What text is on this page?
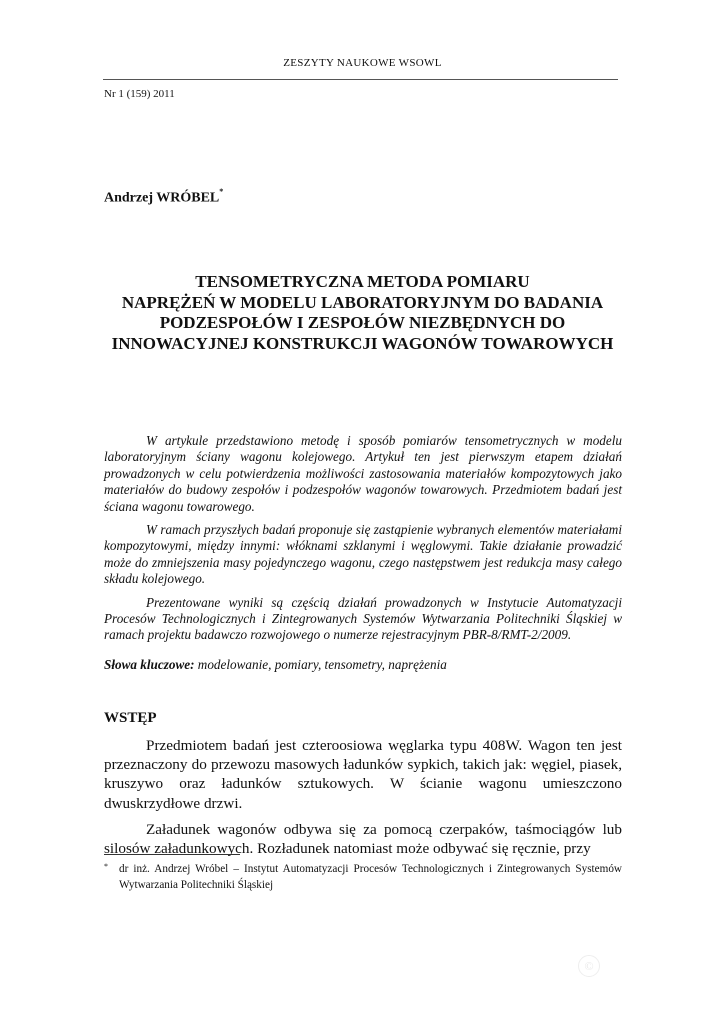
ZESZYTY NAUKOWE WSOWL
Nr 1 (159) 2011
Andrzej WRÓBEL*
TENSOMETRYCZNA METODA POMIARU
NAPRĘŻEŃ W MODELU LABORATORYJNYM DO BADANIA
PODZESPOŁÓW I ZESPOŁÓW NIEZBĘDNYCH DO
INNOWACYJNEJ KONSTRUKCJI WAGONÓW TOWAROWYCH

W artykule przedstawiono metodę i sposób pomiarów tensometrycznych w modelu laboratoryjnym ściany wagonu kolejowego. Artykuł ten jest pierwszym etapem działań prowadzonych w celu potwierdzenia możliwości zastosowania materiałów kompozytowych jako materiałów do budowy zespołów i podzespołów wagonów towarowych. Przedmiotem badań jest ściana wagonu towarowego.

W ramach przyszłych badań proponuje się zastąpienie wybranych elementów materiałami kompozytowymi, między innymi: włóknami szklanymi i węglowymi. Takie działanie prowadzić może do zmniejszenia masy pojedynczego wagonu, czego następstwem jest redukcja masy całego składu kolejowego.

Prezentowane wyniki są częścią działań prowadzonych w Instytucie Automatyzacji Procesów Technologicznych i Zintegrowanych Systemów Wytwarzania Politechniki Śląskiej w ramach projektu badawczo rozwojowego o numerze rejestracyjnym PBR-8/RMT-2/2009.

Słowa kluczowe: modelowanie, pomiary, tensometry, naprężenia
WSTĘP

Przedmiotem badań jest czteroosiowa węglarka typu 408W. Wagon ten jest przeznaczony do przewozu masowych ładunków sypkich, takich jak: węgiel, piasek, kruszywo oraz ładunków sztukowych. W ścianie wagonu umieszczono dwuskrzydłowe drzwi.

Załadunek wagonów odbywa się za pomocą czerpaków, taśmociągów lub silosów załadunkowych. Rozładunek natomiast może odbywać się ręcznie, przy

* dr inż. Andrzej Wróbel – Instytut Automatyzacji Procesów Technologicznych i Zintegrowanych Systemów Wytwarzania Politechniki Śląskiej
©
